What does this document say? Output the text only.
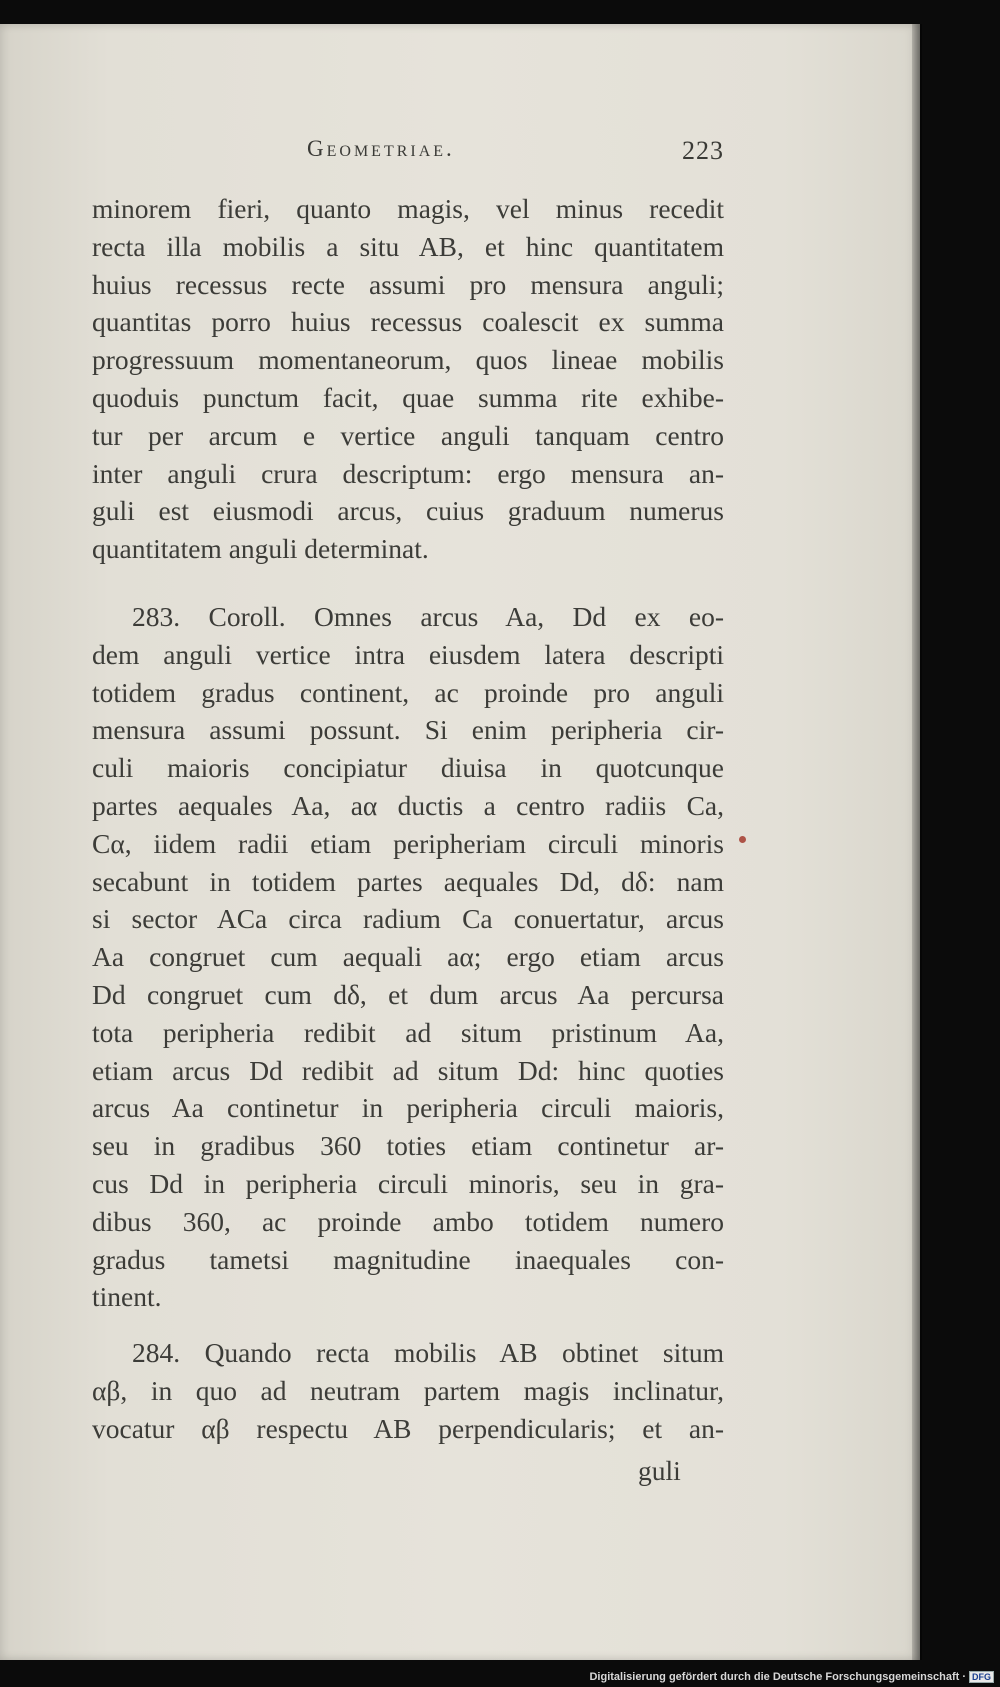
Geometriae.	223
minorem fieri, quanto magis, vel minus recedit
recta illa mobilis a situ AB, et hinc quantitatem
huius recessus recte assumi pro mensura anguli;
quantitas porro huius recessus coalescit ex summa
progressuum momentaneorum, quos lineae mobilis
quoduis punctum facit, quae summa rite exhibe-
tur per arcum e vertice anguli tanquam centro
inter anguli crura descriptum: ergo mensura an-
guli est eiusmodi arcus, cuius graduum numerus
quantitatem anguli determinat.
283. Coroll. Omnes arcus Aa, Dd ex eo-
dem anguli vertice intra eiusdem latera descripti
totidem gradus continent, ac proinde pro anguli
mensura assumi possunt. Si enim peripheria cir-
culi maioris concipiatur diuisa in quotcunque
partes aequales Aa, aα ductis a centro radiis Ca,
Cα, iidem radii etiam peripheriam circuli minoris
secabunt in totidem partes aequales Dd, dδ: nam
si sector ACa circa radium Ca conuertatur, arcus
Aa congruet cum aequali aα; ergo etiam arcus
Dd congruet cum dδ, et dum arcus Aa percursa
tota peripheria redibit ad situm pristinum Aa,
etiam arcus Dd redibit ad situm Dd: hinc quoties
arcus Aa continetur in peripheria circuli maioris,
seu in gradibus 360 toties etiam continetur ar-
cus Dd in peripheria circuli minoris, seu in gra-
dibus 360, ac proinde ambo totidem numero
gradus tametsi magnitudine inaequales con-
tinent.
284. Quando recta mobilis AB obtinet situm
αβ, in quo ad neutram partem magis inclinatur,
vocatur αβ respectu AB perpendicularis; et an-
guli
Digitalisierung gefördert durch die Deutsche Forschungsgemeinschaft · DFG
